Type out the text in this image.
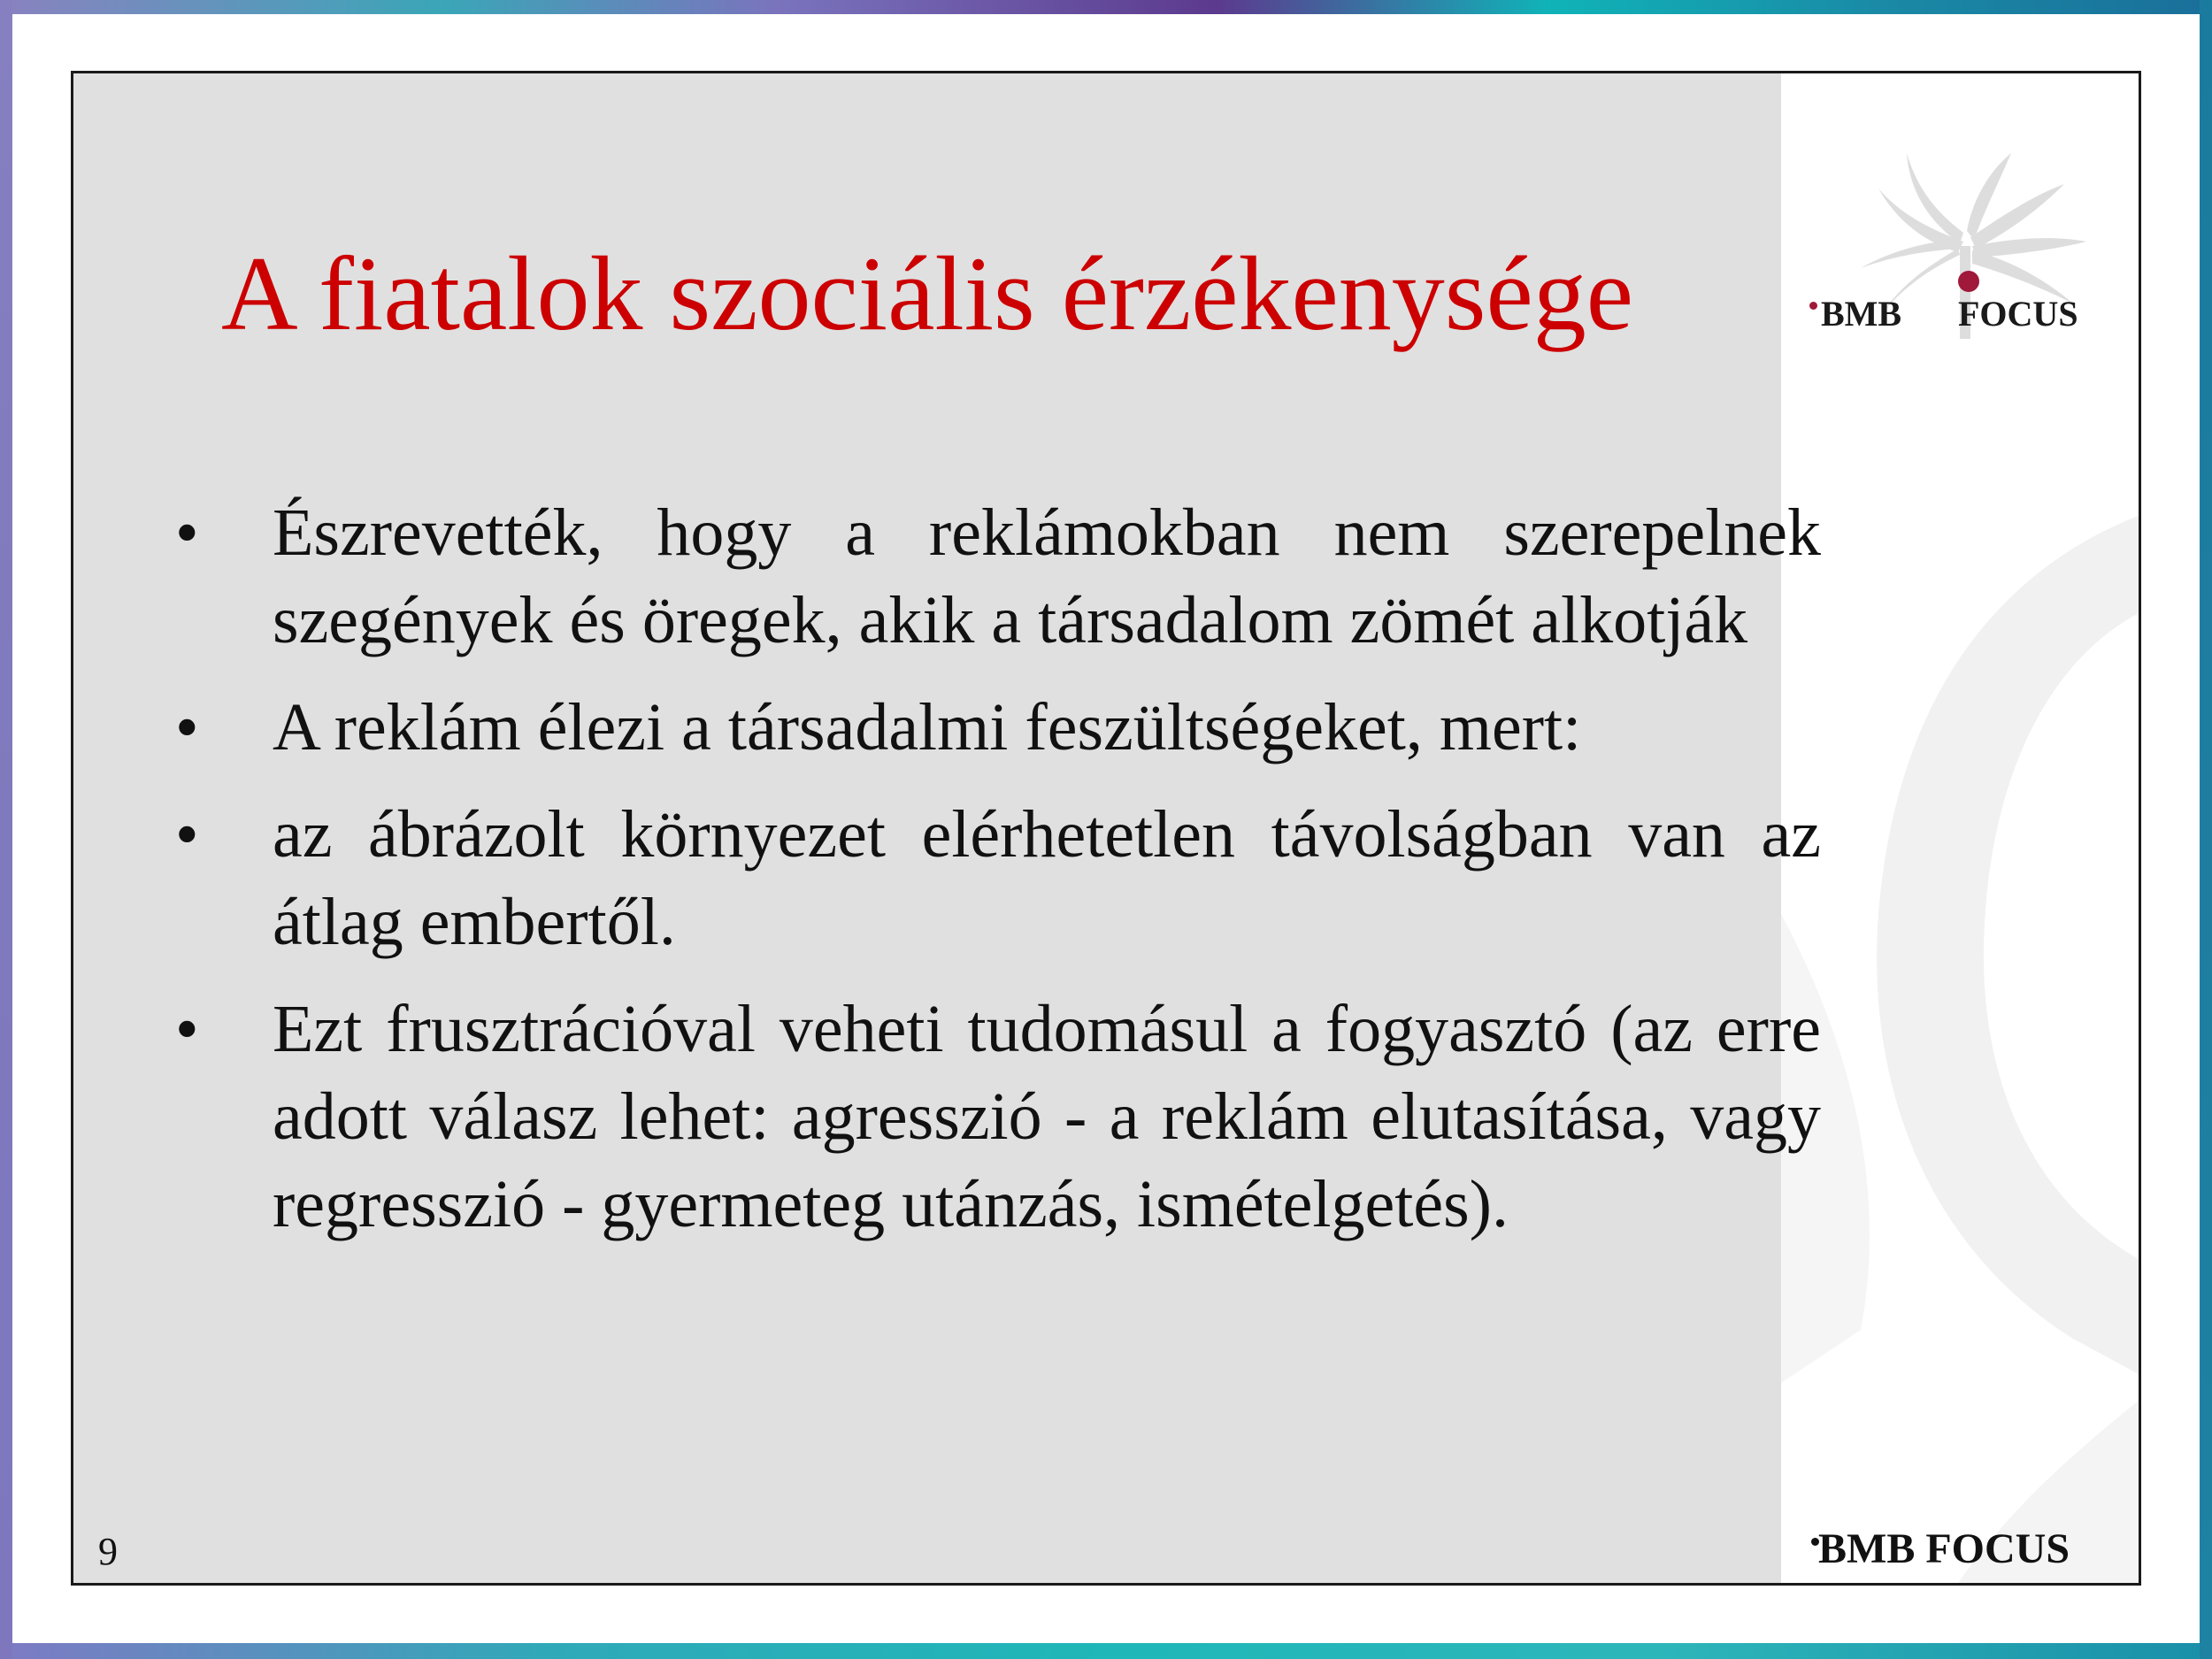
BMB FOCUS
BMB FOCUS
A fiatalok szociális érzékenysége
• Észrevették, hogy a reklámokban nem szerepelnek szegények és öregek, akik a társadalom zömét alkotják
• A reklám élezi a társadalmi feszültségeket, mert:
• az ábrázolt környezet elérhetetlen távolságban van az átlag embertől.
• Ezt frusztrációval veheti tudomásul a fogyasztó (az erre adott válasz lehet: agresszió - a reklám elutasítása, vagy regresszió - gyermeteg utánzás, ismételgetés).
9
